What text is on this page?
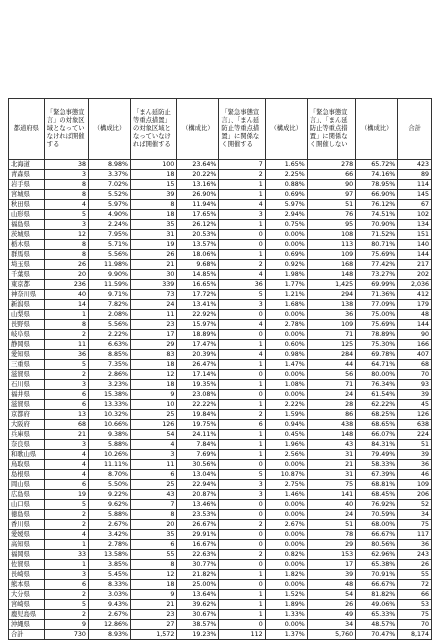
都道府県	「緊急事態宣言」の対象区域となっていなければ開催する	（構成比）	「まん延防止等重点措置」の対象区域となっていなければ開催する	（構成比）	「緊急事態宣言」、「まん延防止等重点措置」に関係なく開催する	（構成比）	「緊急事態宣言」、「まん延防止等重点措置」に関係なく開催しない	（構成比）	合計
北海道	38	8.98%	100	23.64%	7	1.65%	278	65.72%	423
青森県	3	3.37%	18	20.22%	2	2.25%	66	74.16%	89
岩手県	8	7.02%	15	13.16%	1	0.88%	90	78.95%	114
宮城県	8	5.52%	39	26.90%	1	0.69%	97	66.90%	145
秋田県	4	5.97%	8	11.94%	4	5.97%	51	76.12%	67
山形県	5	4.90%	18	17.65%	3	2.94%	76	74.51%	102
福島県	3	2.24%	35	26.12%	1	0.75%	95	70.90%	134
茨城県	12	7.95%	31	20.53%	0	0.00%	108	71.52%	151
栃木県	8	5.71%	19	13.57%	0	0.00%	113	80.71%	140
群馬県	8	5.56%	26	18.06%	1	0.69%	109	75.69%	144
埼玉県	26	11.98%	21	9.68%	2	0.92%	168	77.42%	217
千葉県	20	9.90%	30	14.85%	4	1.98%	148	73.27%	202
東京都	236	11.59%	339	16.65%	36	1.77%	1,425	69.99%	2,036
神奈川県	40	9.71%	73	17.72%	5	1.21%	294	71.36%	412
新潟県	14	7.82%	24	13.41%	3	1.68%	138	77.09%	179
山梨県	1	2.08%	11	22.92%	0	0.00%	36	75.00%	48
長野県	8	5.56%	23	15.97%	4	2.78%	109	75.69%	144
岐阜県	2	2.22%	17	18.89%	0	0.00%	71	78.89%	90
静岡県	11	6.63%	29	17.47%	1	0.60%	125	75.30%	166
愛知県	36	8.85%	83	20.39%	4	0.98%	284	69.78%	407
三重県	5	7.35%	18	26.47%	1	1.47%	44	64.71%	68
滋賀県	2	2.86%	12	17.14%	0	0.00%	56	80.00%	70
石川県	3	3.23%	18	19.35%	1	1.08%	71	76.34%	93
福井県	6	15.38%	9	23.08%	0	0.00%	24	61.54%	39
滋賀県	6	13.33%	10	22.22%	1	2.22%	28	62.22%	45
京都府	13	10.32%	25	19.84%	2	1.59%	86	68.25%	126
大阪府	68	10.66%	126	19.75%	6	0.94%	438	68.65%	638
兵庫県	21	9.38%	54	24.11%	1	0.45%	148	66.07%	224
奈良県	3	5.88%	4	7.84%	1	1.96%	43	84.31%	51
和歌山県	4	10.26%	3	7.69%	1	2.56%	31	79.49%	39
鳥取県	4	11.11%	11	30.56%	0	0.00%	21	58.33%	36
島根県	4	8.70%	6	13.04%	5	10.87%	31	67.39%	46
岡山県	6	5.50%	25	22.94%	3	2.75%	75	68.81%	109
広島県	19	9.22%	43	20.87%	3	1.46%	141	68.45%	206
山口県	5	9.62%	7	13.46%	0	0.00%	40	76.92%	52
徳島県	2	5.88%	8	23.53%	0	0.00%	24	70.59%	34
香川県	2	2.67%	20	26.67%	2	2.67%	51	68.00%	75
愛媛県	4	3.42%	35	29.91%	0	0.00%	78	66.67%	117
高知県	1	2.78%	6	16.67%	0	0.00%	29	80.56%	36
福岡県	33	13.58%	55	22.63%	2	0.82%	153	62.96%	243
佐賀県	1	3.85%	8	30.77%	0	0.00%	17	65.38%	26
長崎県	3	5.45%	12	21.82%	1	1.82%	39	70.91%	55
熊本県	6	8.33%	18	25.00%	0	0.00%	48	66.67%	72
大分県	2	3.03%	9	13.64%	1	1.52%	54	81.82%	66
宮崎県	5	9.43%	21	39.62%	1	1.89%	26	49.06%	53
鹿児島県	2	2.67%	23	30.67%	1	1.33%	49	65.33%	75
沖縄県	9	12.86%	27	38.57%	0	0.00%	34	48.57%	70
合計	730	8.93%	1,572	19.23%	112	1.37%	5,760	70.47%	8,174
